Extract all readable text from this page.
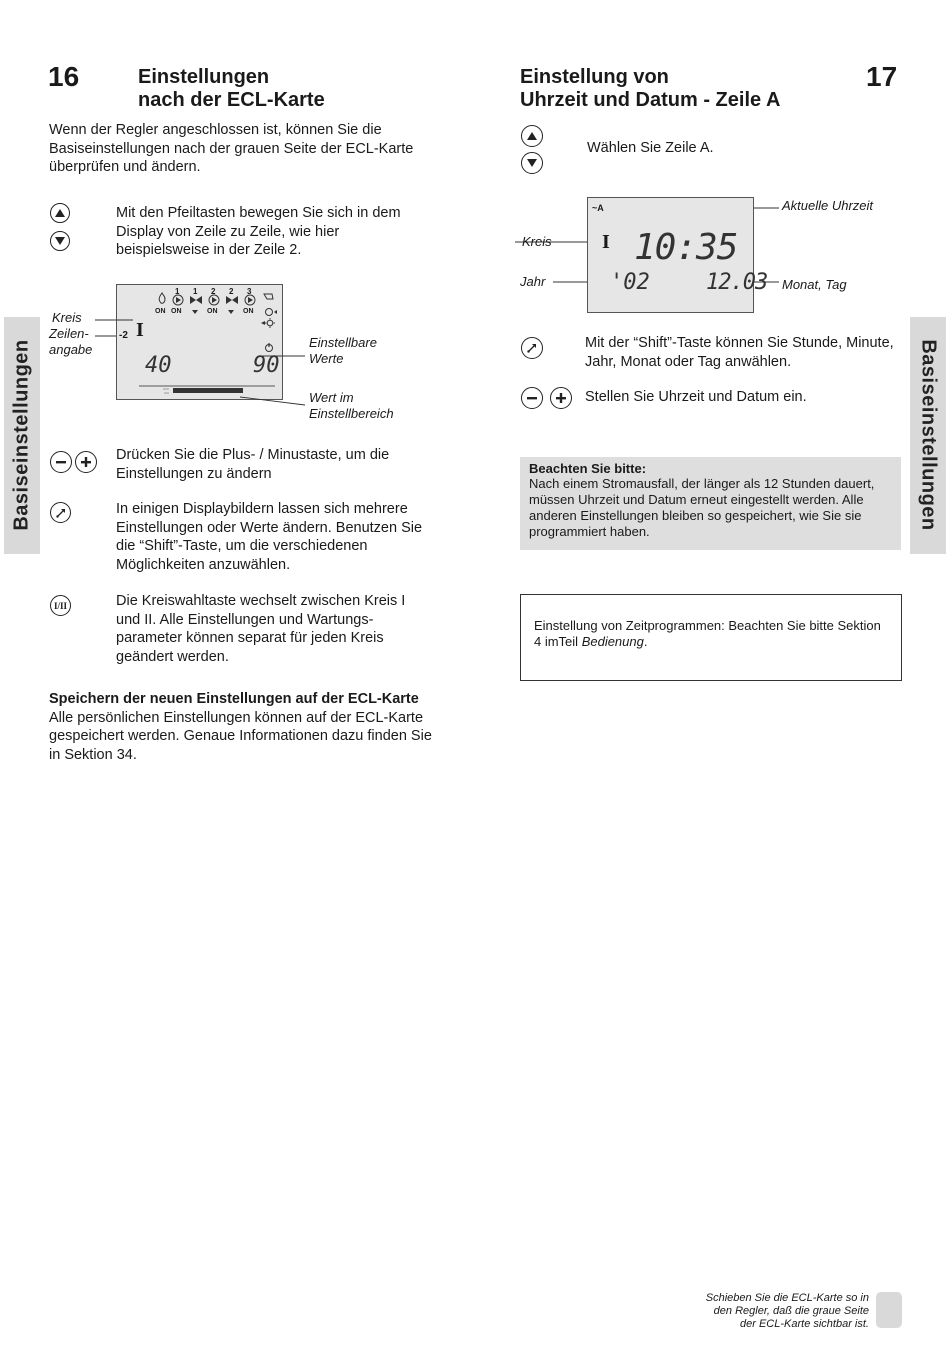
16	Einstellungen
nach der ECL-Karte
Wenn der Regler angeschlossen ist, können Sie die Basiseinstellungen nach der grauen Seite der ECL-Karte überprüfen und ändern.
Mit den Pfeiltasten bewegen Sie sich in dem Display von Zeile zu Zeile, wie hier beispielsweise in der Zeile 2.
Kreis
Zeilen-
angabe
1 1 2 2 3
ON ON	ON	ON
I
40	90
-2	Einstellbare
Werte
Wert im
Einstellbereich
Drücken Sie die Plus- / Minustaste, um die Einstellungen zu ändern
In einigen Displaybildern lassen sich mehrere Einstellungen oder Werte ändern. Benutzen Sie die “Shift”-Taste, um die verschiedenen Möglichkeiten anzuwählen.
I/II	Die Kreiswahltaste wechselt zwischen Kreis I und II. Alle Einstellungen und Wartungs-parameter können separat für jeden Kreis geändert werden.
Speichern der neuen Einstellungen auf der ECL-Karte
Alle persönlichen Einstellungen können auf der ECL-Karte gespeichert werden. Genaue Informationen dazu finden Sie in Sektion 34.
Basiseinstellungen
Einstellung von
Uhrzeit und Datum - Zeile A
17
Wählen Sie Zeile A.
~A
I 10:35
'02	12.03
Aktuelle Uhrzeit
Kreis
Jahr	Monat, Tag
Mit der “Shift”-Taste können Sie Stunde, Minute, Jahr, Monat oder Tag anwählen.
Stellen Sie Uhrzeit und Datum ein.
Beachten Sie bitte:
Nach einem Stromausfall, der länger als 12 Stunden dauert, müssen Uhrzeit und Datum erneut eingestellt werden. Alle anderen Einstellungen bleiben so gespeichert, wie Sie sie programmiert haben.
Einstellung von Zeitprogrammen: Beachten Sie bitte Sektion 4 imTeil Bedienung.
Basiseinstellungen
Schieben Sie die ECL-Karte so in
den Regler, daß die graue Seite
der ECL-Karte sichtbar ist.
